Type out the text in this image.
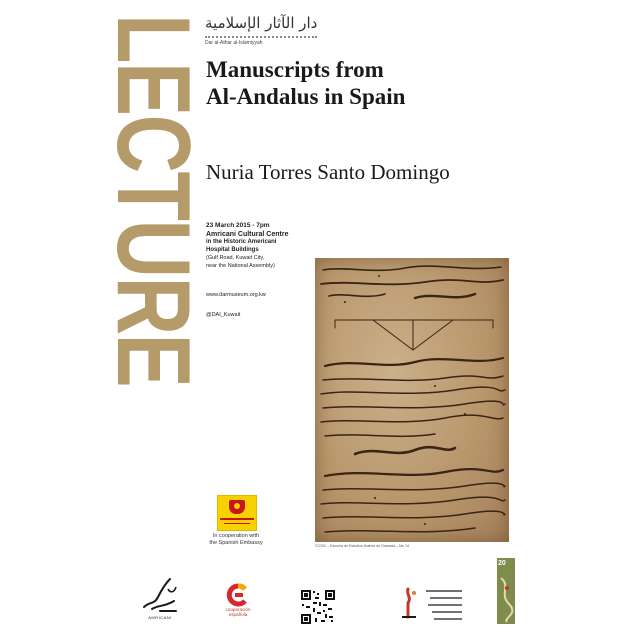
LECTURE
دار الآثار الإسلامية
Dar al-Athar al-Islamiyyah
Manuscripts from
Al-Andalus in Spain
Nuria Torres Santo Domingo
23 March 2015 - 7pm
Amricani Cultural Centre
in the Historic Americani
Hospital Buildings
(Gulf Road, Kuwait City,
near the National Assembly)
www.darmuseum.org.kw
@DAI_Kuwait
©CSIC – Escuela de Estudios Árabes de Granada – Ms 14
In cooperation with
the Spanish Embassy
AMRICANI
cooperación
española
20
